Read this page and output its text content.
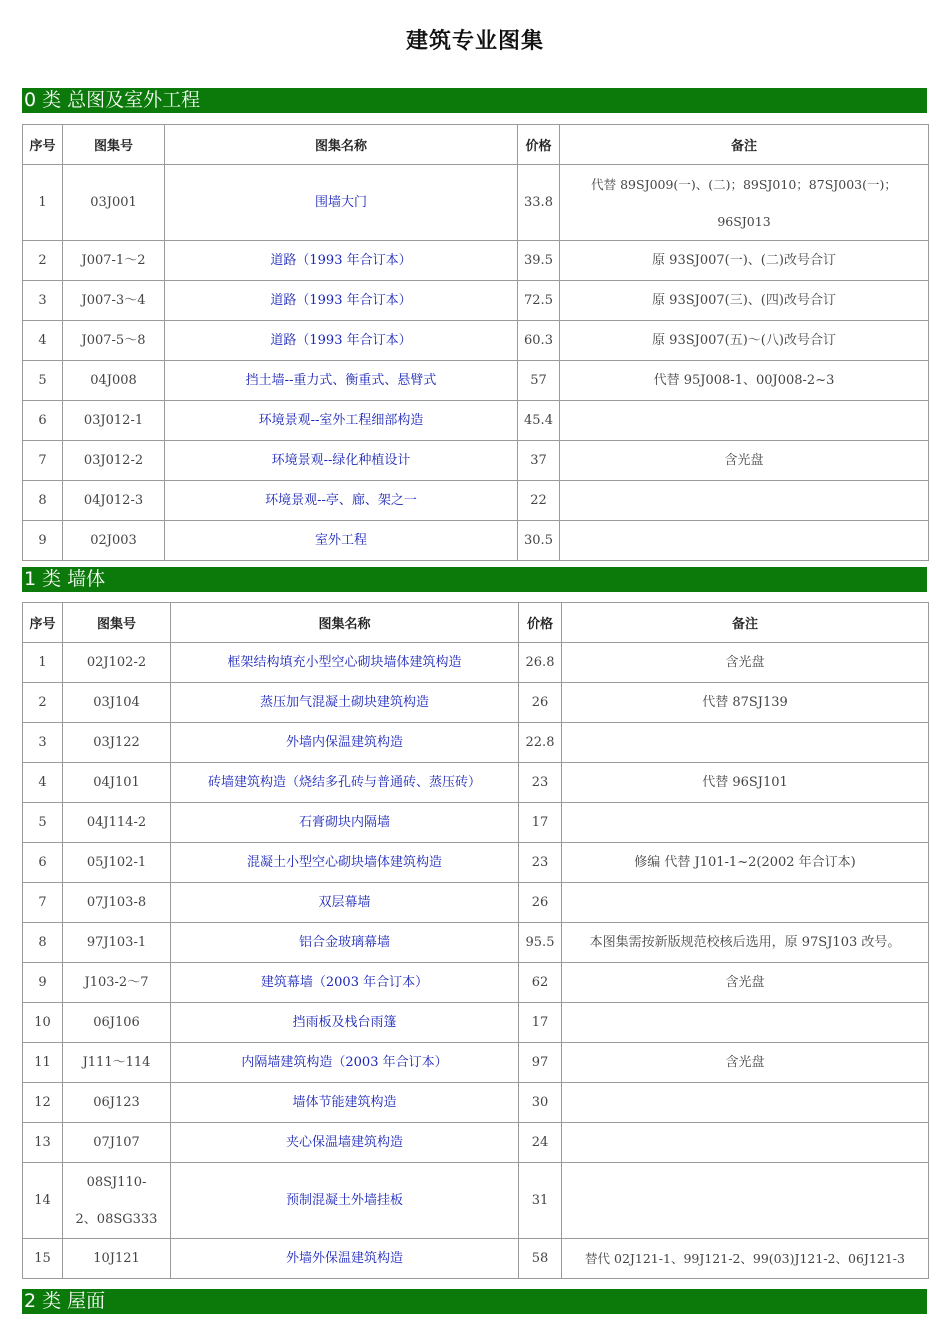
建筑专业图集
0 类 总图及室外工程
序号	图集号	图集名称	价格	备注
1	03J001	围墙大门	33.8	代替 89SJ009(一)、(二)；89SJ010；87SJ003(一)；
96SJ013

2	J007-1～2	道路（1993 年合订本）	39.5	原 93SJ007(一)、(二)改号合订
3	J007-3～4	道路（1993 年合订本）	72.5	原 93SJ007(三)、(四)改号合订
4	J007-5～8	道路（1993 年合订本）	60.3	原 93SJ007(五)～(八)改号合订
5	04J008	挡土墙--重力式、衡重式、悬臂式	57	代替 95J008-1、00J008-2~3
6	03J012-1	环境景观--室外工程细部构造	45.4	
7	03J012-2	环境景观--绿化种植设计	37	含光盘
8	04J012-3	环境景观--亭、廊、架之一	22	
9	02J003	室外工程	30.5	
1 类 墙体
序号	图集号	图集名称	价格	备注
1	02J102-2	框架结构填充小型空心砌块墙体建筑构造	26.8	含光盘
2	03J104	蒸压加气混凝土砌块建筑构造	26	代替 87SJ139
3	03J122	外墙内保温建筑构造	22.8	
4	04J101	砖墙建筑构造（烧结多孔砖与普通砖、蒸压砖）	23	代替 96SJ101
5	04J114-2	石膏砌块内隔墙	17	
6	05J102-1	混凝土小型空心砌块墙体建筑构造	23	修编 代替 J101-1~2(2002 年合订本)
7	07J103-8	双层幕墙	26	
8	97J103-1	铝合金玻璃幕墙	95.5	本图集需按新版规范校核后选用，原 97SJ103 改号。
9	J103-2～7	建筑幕墙（2003 年合订本）	62	含光盘
10	06J106	挡雨板及栈台雨篷	17	
11	J111～114	内隔墙建筑构造（2003 年合订本）	97	含光盘
12	06J123	墙体节能建筑构造	30	
13	07J107	夹心保温墙建筑构造	24	
14	08SJ110-
2、08SG333	预制混凝土外墙挂板	31	
15	10J121	外墙外保温建筑构造	58	替代 02J121-1、99J121-2、99(03)J121-2、06J121-3
2 类 屋面
